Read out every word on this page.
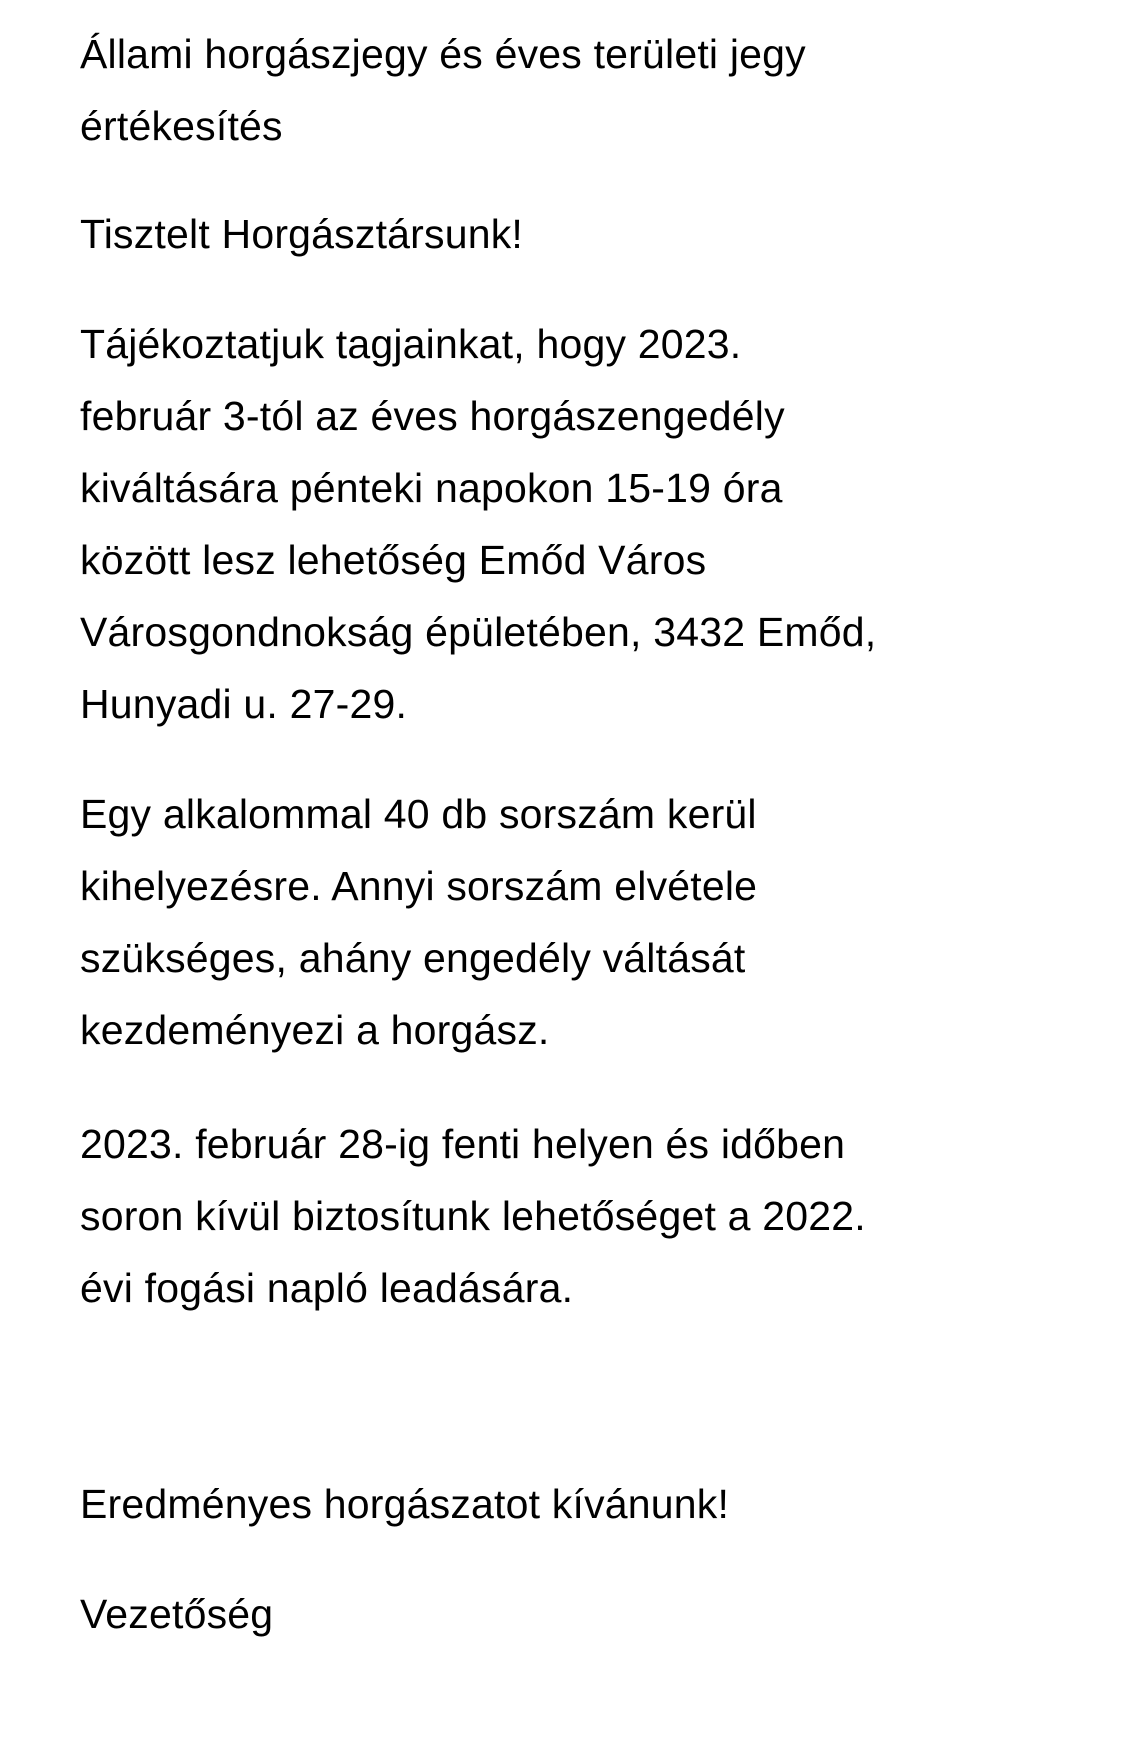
Állami horgászjegy és éves területi jegy
értékesítés

Tisztelt Horgásztársunk!

Tájékoztatjuk tagjainkat, hogy 2023.
február 3-tól az éves horgászengedély
kiváltására pénteki napokon 15-19 óra
között lesz lehetőség Emőd Város
Városgondnokság épületében, 3432 Emőd,
Hunyadi u. 27-29.

Egy alkalommal 40 db sorszám kerül
kihelyezésre. Annyi sorszám elvétele
szükséges, ahány engedély váltását
kezdeményezi a horgász.

2023. február 28-ig fenti helyen és időben
soron kívül biztosítunk lehetőséget a 2022.
évi fogási napló leadására.

Eredményes horgászatot kívánunk!

Vezetőség
